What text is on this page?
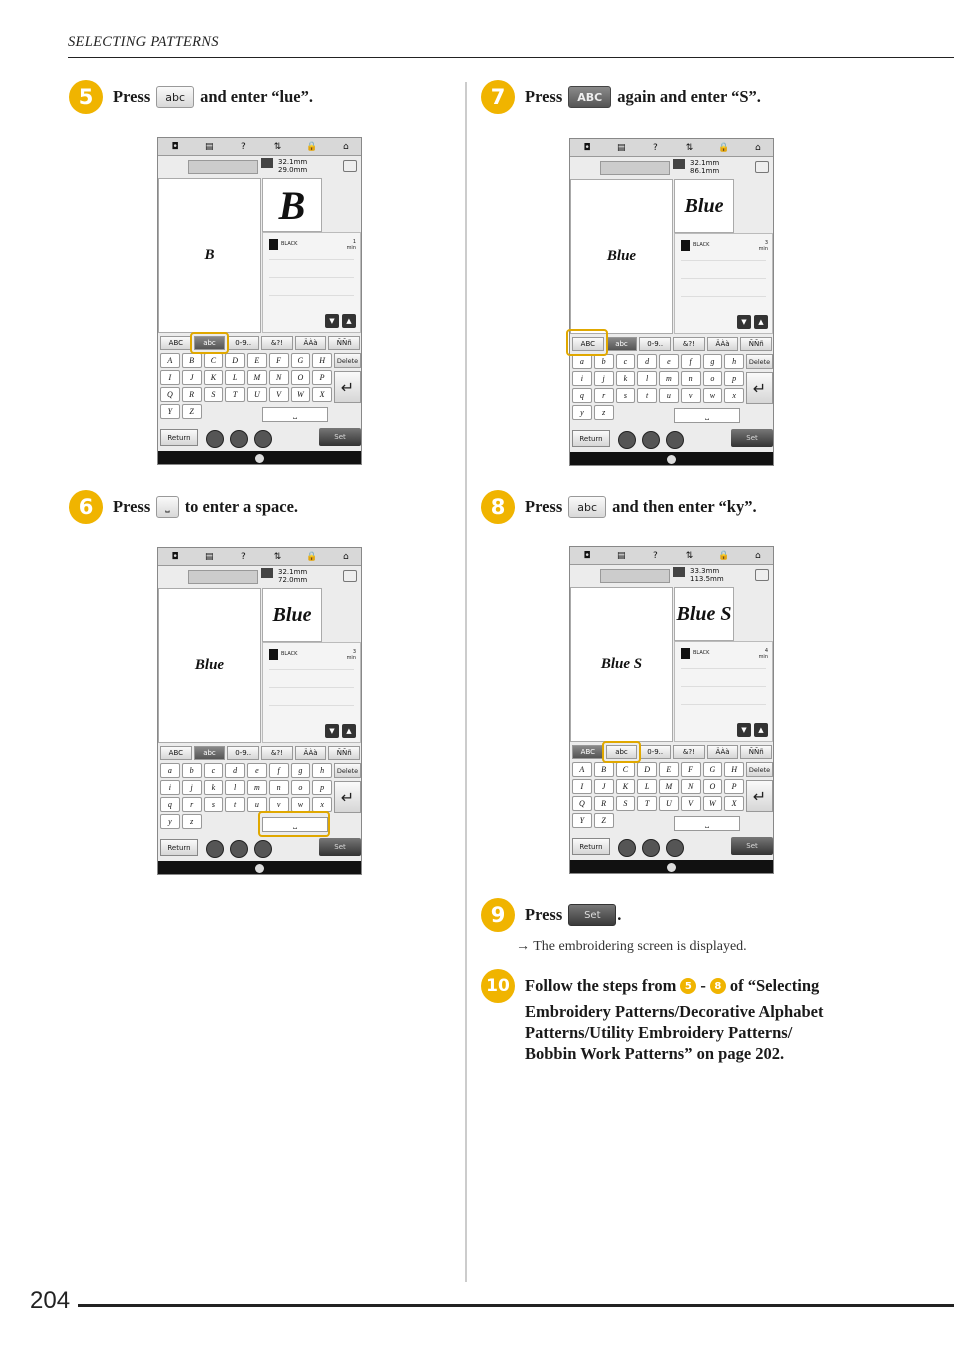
SELECTING PATTERNS
5	Press	abc and enter “lue”.	7	Press	ABC again and enter “S”.
6	Press	⎵ to enter a space.	8	Press	abc and then enter “ky”.
9	Press	Set	.
→ The embroidering screen is displayed.
10 Follow the steps from 5 - 8 of “Selecting
Embroidery Patterns/Decorative Alphabet
Patterns/Utility Embroidery Patterns/
Bobbin Work Patterns” on page 202.
204
◘	▤	?	⇅	🔒	⌂
32.1mm
29.0mm
B
B
BLACK	1
min
▼	▲
ABC	abc	0-9..	&?!	ÄÀà	ÑÑñ
A	B	C	D	E	F	G	H
I	J	K	L	M	N	O	P
Q	R	S	T	U	V	W	X
Y	Z
Delete
↵
⎵
Return	Set
◘	▤	?	⇅	🔒	⌂
32.1mm
86.1mm
Blue
Blue
BLACK	3
min
▼	▲
ABC	abc	0-9..	&?!	ÄÀà	ÑÑñ
a	b	c	d	e	f	g	h
i	j	k	l	m	n	o	p
q	r	s	t	u	v	w	x
y	z
Delete
↵
⎵
Return	Set
◘	▤	?	⇅	🔒	⌂
32.1mm
72.0mm
Blue
Blue
BLACK	3
min
▼	▲
ABC	abc	0-9..	&?!	ÄÀà	ÑÑñ
a	b	c	d	e	f	g	h
i	j	k	l	m	n	o	p
q	r	s	t	u	v	w	x
y	z
Delete
↵
⎵
Return	Set
◘	▤	?	⇅	🔒	⌂
33.3mm
113.5mm
Blue S
Blue S
BLACK	4
min
▼	▲
ABC	abc	0-9..	&?!	ÄÀà	ÑÑñ
A	B	C	D	E	F	G	H
I	J	K	L	M	N	O	P
Q	R	S	T	U	V	W	X
Y	Z
Delete
↵
⎵
Return	Set
